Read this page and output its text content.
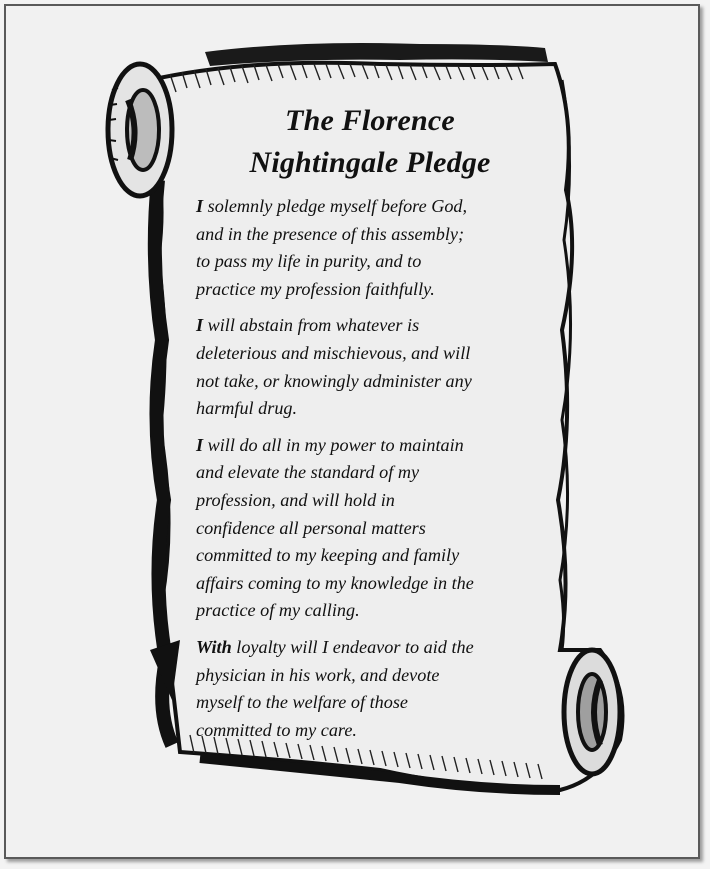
The Florence
Nightingale Pledge

I solemnly pledge myself before God,
and in the presence of this assembly;
to pass my life in purity, and to
practice my profession faithfully.

I will abstain from whatever is
deleterious and mischievous, and will
not take, or knowingly administer any
harmful drug.

I will do all in my power to maintain
and elevate the standard of my
profession, and will hold in
confidence all personal matters
committed to my keeping and family
affairs coming to my knowledge in the
practice of my calling.

With loyalty will I endeavor to aid the
physician in his work, and devote
myself to the welfare of those
committed to my care.
